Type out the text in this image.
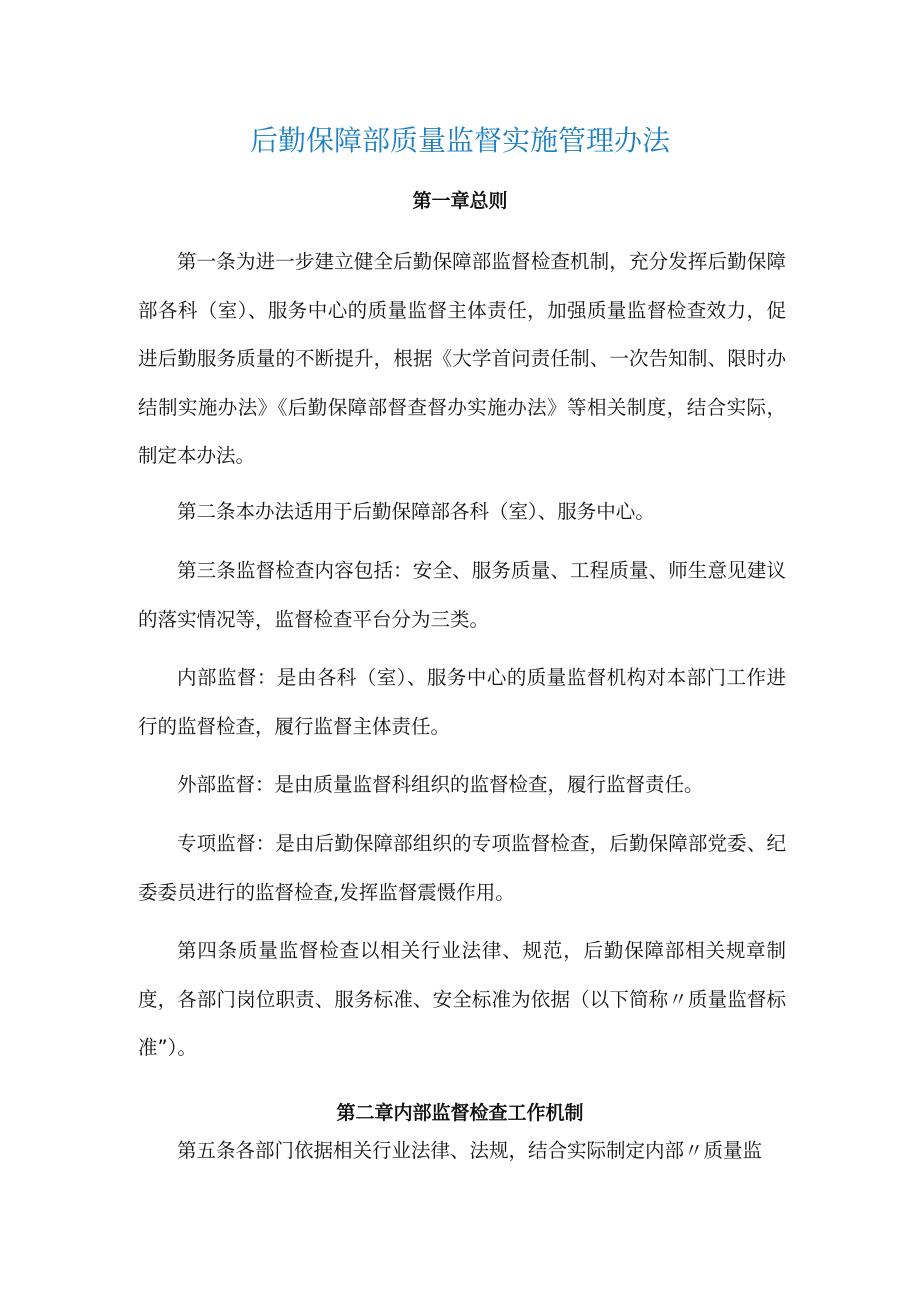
后勤保障部质量监督实施管理办法
第一章总则

第一条为进一步建立健全后勤保障部监督检查机制，充分发挥后勤保障部各科（室）、服务中心的质量监督主体责任，加强质量监督检查效力，促进后勤服务质量的不断提升，根据《大学首问责任制、一次告知制、限时办结制实施办法》《后勤保障部督查督办实施办法》等相关制度，结合实际，制定本办法。

第二条本办法适用于后勤保障部各科（室）、服务中心。

第三条监督检查内容包括：安全、服务质量、工程质量、师生意见建议的落实情况等，监督检查平台分为三类。

内部监督：是由各科（室）、服务中心的质量监督机构对本部门工作进行的监督检查，履行监督主体责任。

外部监督：是由质量监督科组织的监督检查，履行监督责任。

专项监督：是由后勤保障部组织的专项监督检查，后勤保障部党委、纪委委员进行的监督检查,发挥监督震慑作用。

第四条质量监督检查以相关行业法律、规范，后勤保障部相关规章制度，各部门岗位职责、服务标准、安全标准为依据（以下简称〃质量监督标准”）。

第二章内部监督检查工作机制

第五条各部门依据相关行业法律、法规，结合实际制定内部〃质量监
